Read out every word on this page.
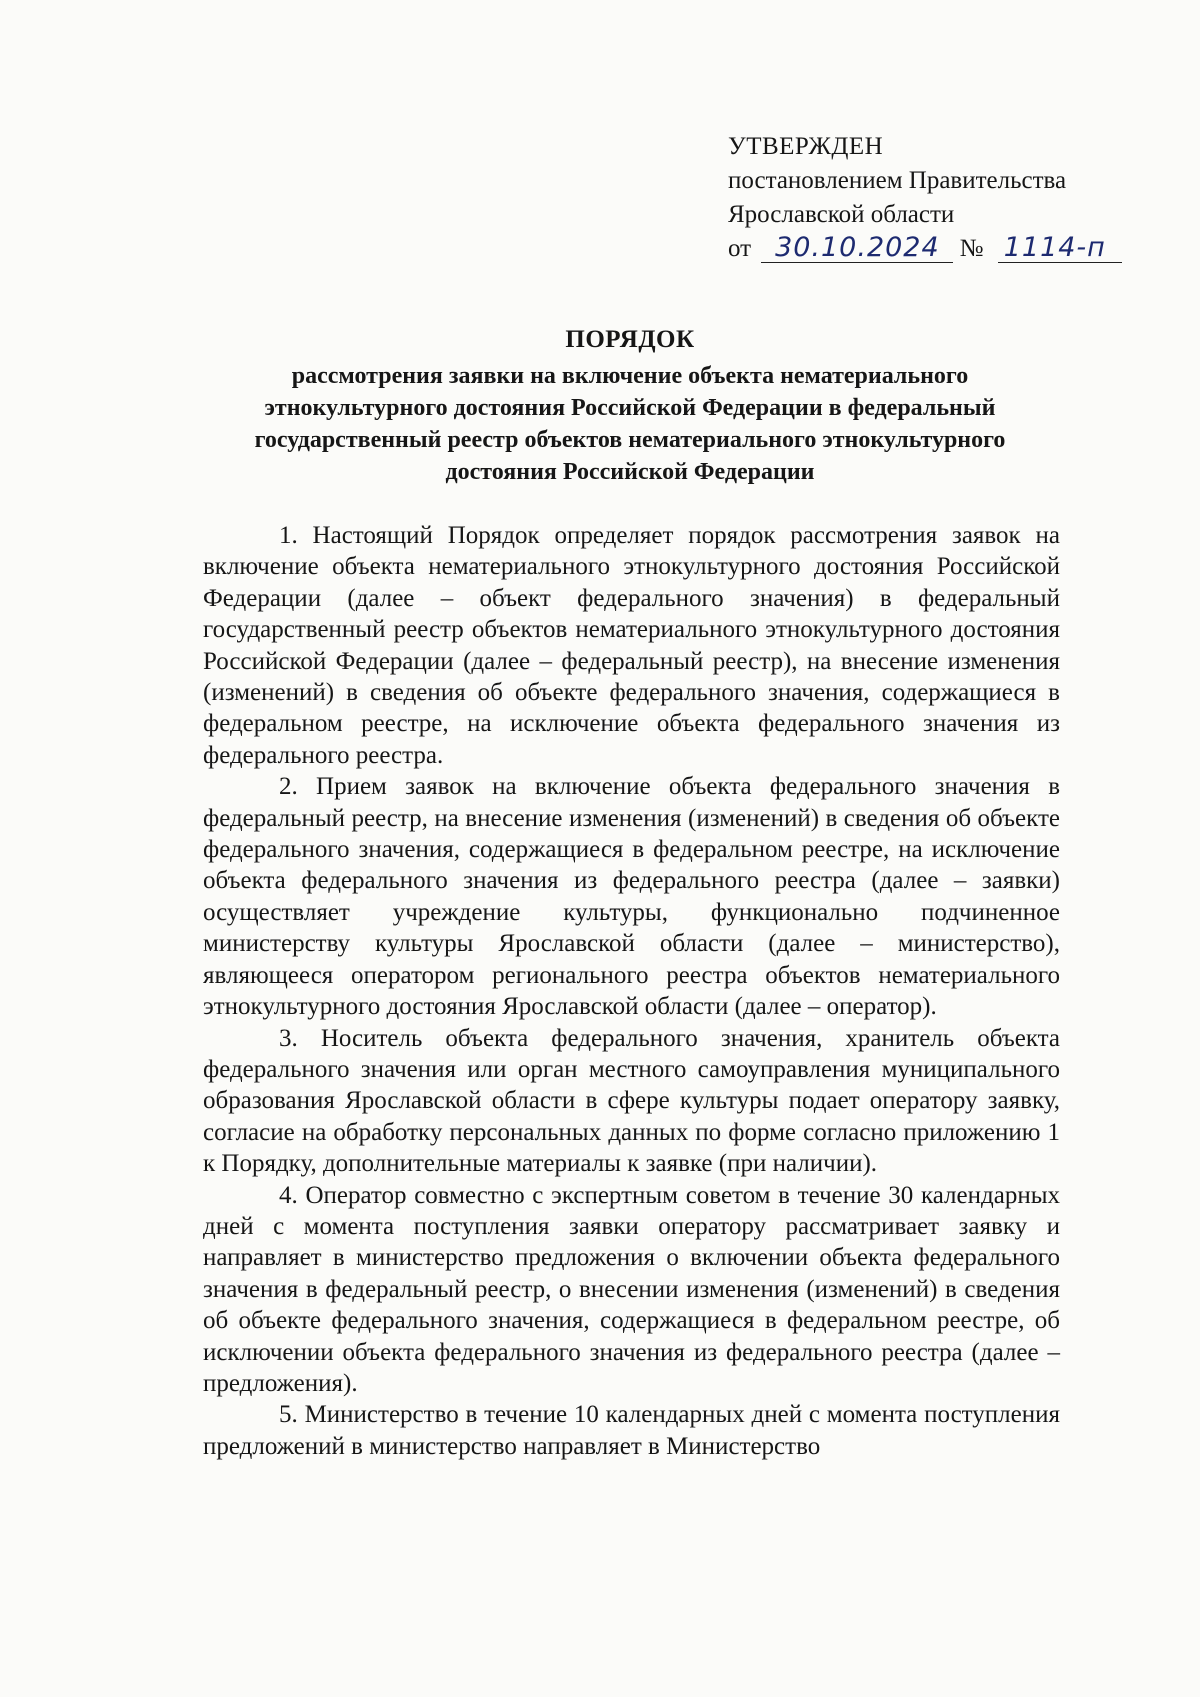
УТВЕРЖДЕН
постановлением Правительства
Ярославской области
от 30.10.2024 № 1114-п
ПОРЯДОК
рассмотрения заявки на включение объекта нематериального этнокультурного достояния Российской Федерации в федеральный государственный реестр объектов нематериального этнокультурного достояния Российской Федерации

1. Настоящий Порядок определяет порядок рассмотрения заявок на включение объекта нематериального этнокультурного достояния Российской Федерации (далее – объект федерального значения) в федеральный государственный реестр объектов нематериального этнокультурного достояния Российской Федерации (далее – федеральный реестр), на внесение изменения (изменений) в сведения об объекте федерального значения, содержащиеся в федеральном реестре, на исключение объекта федерального значения из федерального реестра.

2. Прием заявок на включение объекта федерального значения в федеральный реестр, на внесение изменения (изменений) в сведения об объекте федерального значения, содержащиеся в федеральном реестре, на исключение объекта федерального значения из федерального реестра (далее – заявки) осуществляет учреждение культуры, функционально подчиненное министерству культуры Ярославской области (далее – министерство), являющееся оператором регионального реестра объектов нематериального этнокультурного достояния Ярославской области (далее – оператор).

3. Носитель объекта федерального значения, хранитель объекта федерального значения или орган местного самоуправления муниципального образования Ярославской области в сфере культуры подает оператору заявку, согласие на обработку персональных данных по форме согласно приложению 1 к Порядку, дополнительные материалы к заявке (при наличии).

4. Оператор совместно с экспертным советом в течение 30 календарных дней с момента поступления заявки оператору рассматривает заявку и направляет в министерство предложения о включении объекта федерального значения в федеральный реестр, о внесении изменения (изменений) в сведения об объекте федерального значения, содержащиеся в федеральном реестре, об исключении объекта федерального значения из федерального реестра (далее – предложения).

5. Министерство в течение 10 календарных дней с момента поступления предложений в министерство направляет в Министерство
